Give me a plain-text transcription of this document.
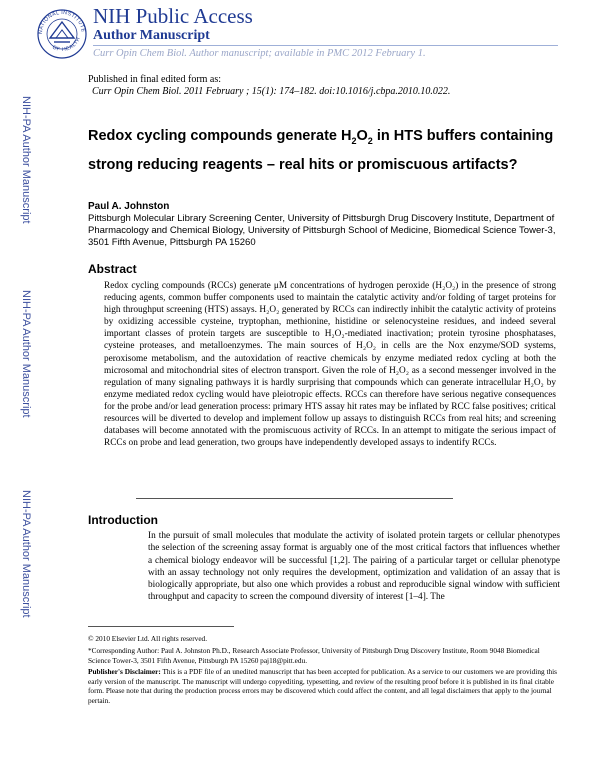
NATIONAL INSTITUTE
OF HEALTH
NIH Public Access
Author Manuscript
Curr Opin Chem Biol. Author manuscript; available in PMC 2012 February 1.
Published in final edited form as:
Curr Opin Chem Biol. 2011 February ; 15(1): 174–182. doi:10.1016/j.cbpa.2010.10.022.
NIH-PA Author Manuscript
NIH-PA Author Manuscript
NIH-PA Author Manuscript
Redox cycling compounds generate $H_2O_2$ in HTS buffers containing strong reducing reagents – real hits or promiscuous artifacts?
Paul A. Johnston
Pittsburgh Molecular Library Screening Center, University of Pittsburgh Drug Discovery Institute, Department of Pharmacology and Chemical Biology, University of Pittsburgh School of Medicine, Biomedical Science Tower-3, 3501 Fifth Avenue, Pittsburgh PA 15260
Abstract
Redox cycling compounds (RCCs) generate μM concentrations of hydrogen peroxide (H₂O₂) in the presence of strong reducing agents, common buffer components used to maintain the catalytic activity and/or folding of target proteins for high throughput screening (HTS) assays. H₂O₂ generated by RCCs can indirectly inhibit the catalytic activity of proteins by oxidizing accessible cysteine, tryptophan, methionine, histidine or selenocysteine residues, and indeed several important classes of protein targets are susceptible to H₂O₂-mediated inactivation; protein tyrosine phosphatases, cysteine proteases, and metalloenzymes. The main sources of H₂O₂ in cells are the Nox enzyme/SOD systems, peroxisome metabolism, and the autoxidation of reactive chemicals by enzyme mediated redox cycling at both the microsomal and mitochondrial sites of electron transport. Given the role of H₂O₂ as a second messenger involved in the regulation of many signaling pathways it is hardly surprising that compounds which can generate intracellular H₂O₂ by enzyme mediated redox cycling would have pleiotropic effects. RCCs can therefore have serious negative consequences for the probe and/or lead generation process: primary HTS assay hit rates may be inflated by RCC false positives; critical resources will be diverted to develop and implement follow up assays to distinguish RCCs from real hits; and screening databases will become annotated with the promiscuous activity of RCCs. In an attempt to mitigate the serious impact of RCCs on probe and lead generation, two groups have independently developed assays to indentify RCCs.
Introduction
In the pursuit of small molecules that modulate the activity of isolated protein targets or cellular phenotypes the selection of the screening assay format is arguably one of the most critical factors that influences whether a chemical biology endeavor will be successful [1,2]. The pairing of a particular target or cellular phenotype with an assay technology not only requires the development, optimization and validation of an assay that is biologically appropriate, but also one which provides a robust and reproducible signal window with sufficient throughput and capacity to screen the compound diversity of interest [1–4]. The
© 2010 Elsevier Ltd. All rights reserved.
*Corresponding Author: Paul A. Johnston Ph.D., Research Associate Professor, University of Pittsburgh Drug Discovery Institute, Room 9048 Biomedical Science Tower-3, 3501 Fifth Avenue, Pittsburgh PA 15260 paj18@pitt.edu.
Publisher's Disclaimer: This is a PDF file of an unedited manuscript that has been accepted for publication. As a service to our customers we are providing this early version of the manuscript. The manuscript will undergo copyediting, typesetting, and review of the resulting proof before it is published in its final citable form. Please note that during the production process errors may be discovered which could affect the content, and all legal disclaimers that apply to the journal pertain.
